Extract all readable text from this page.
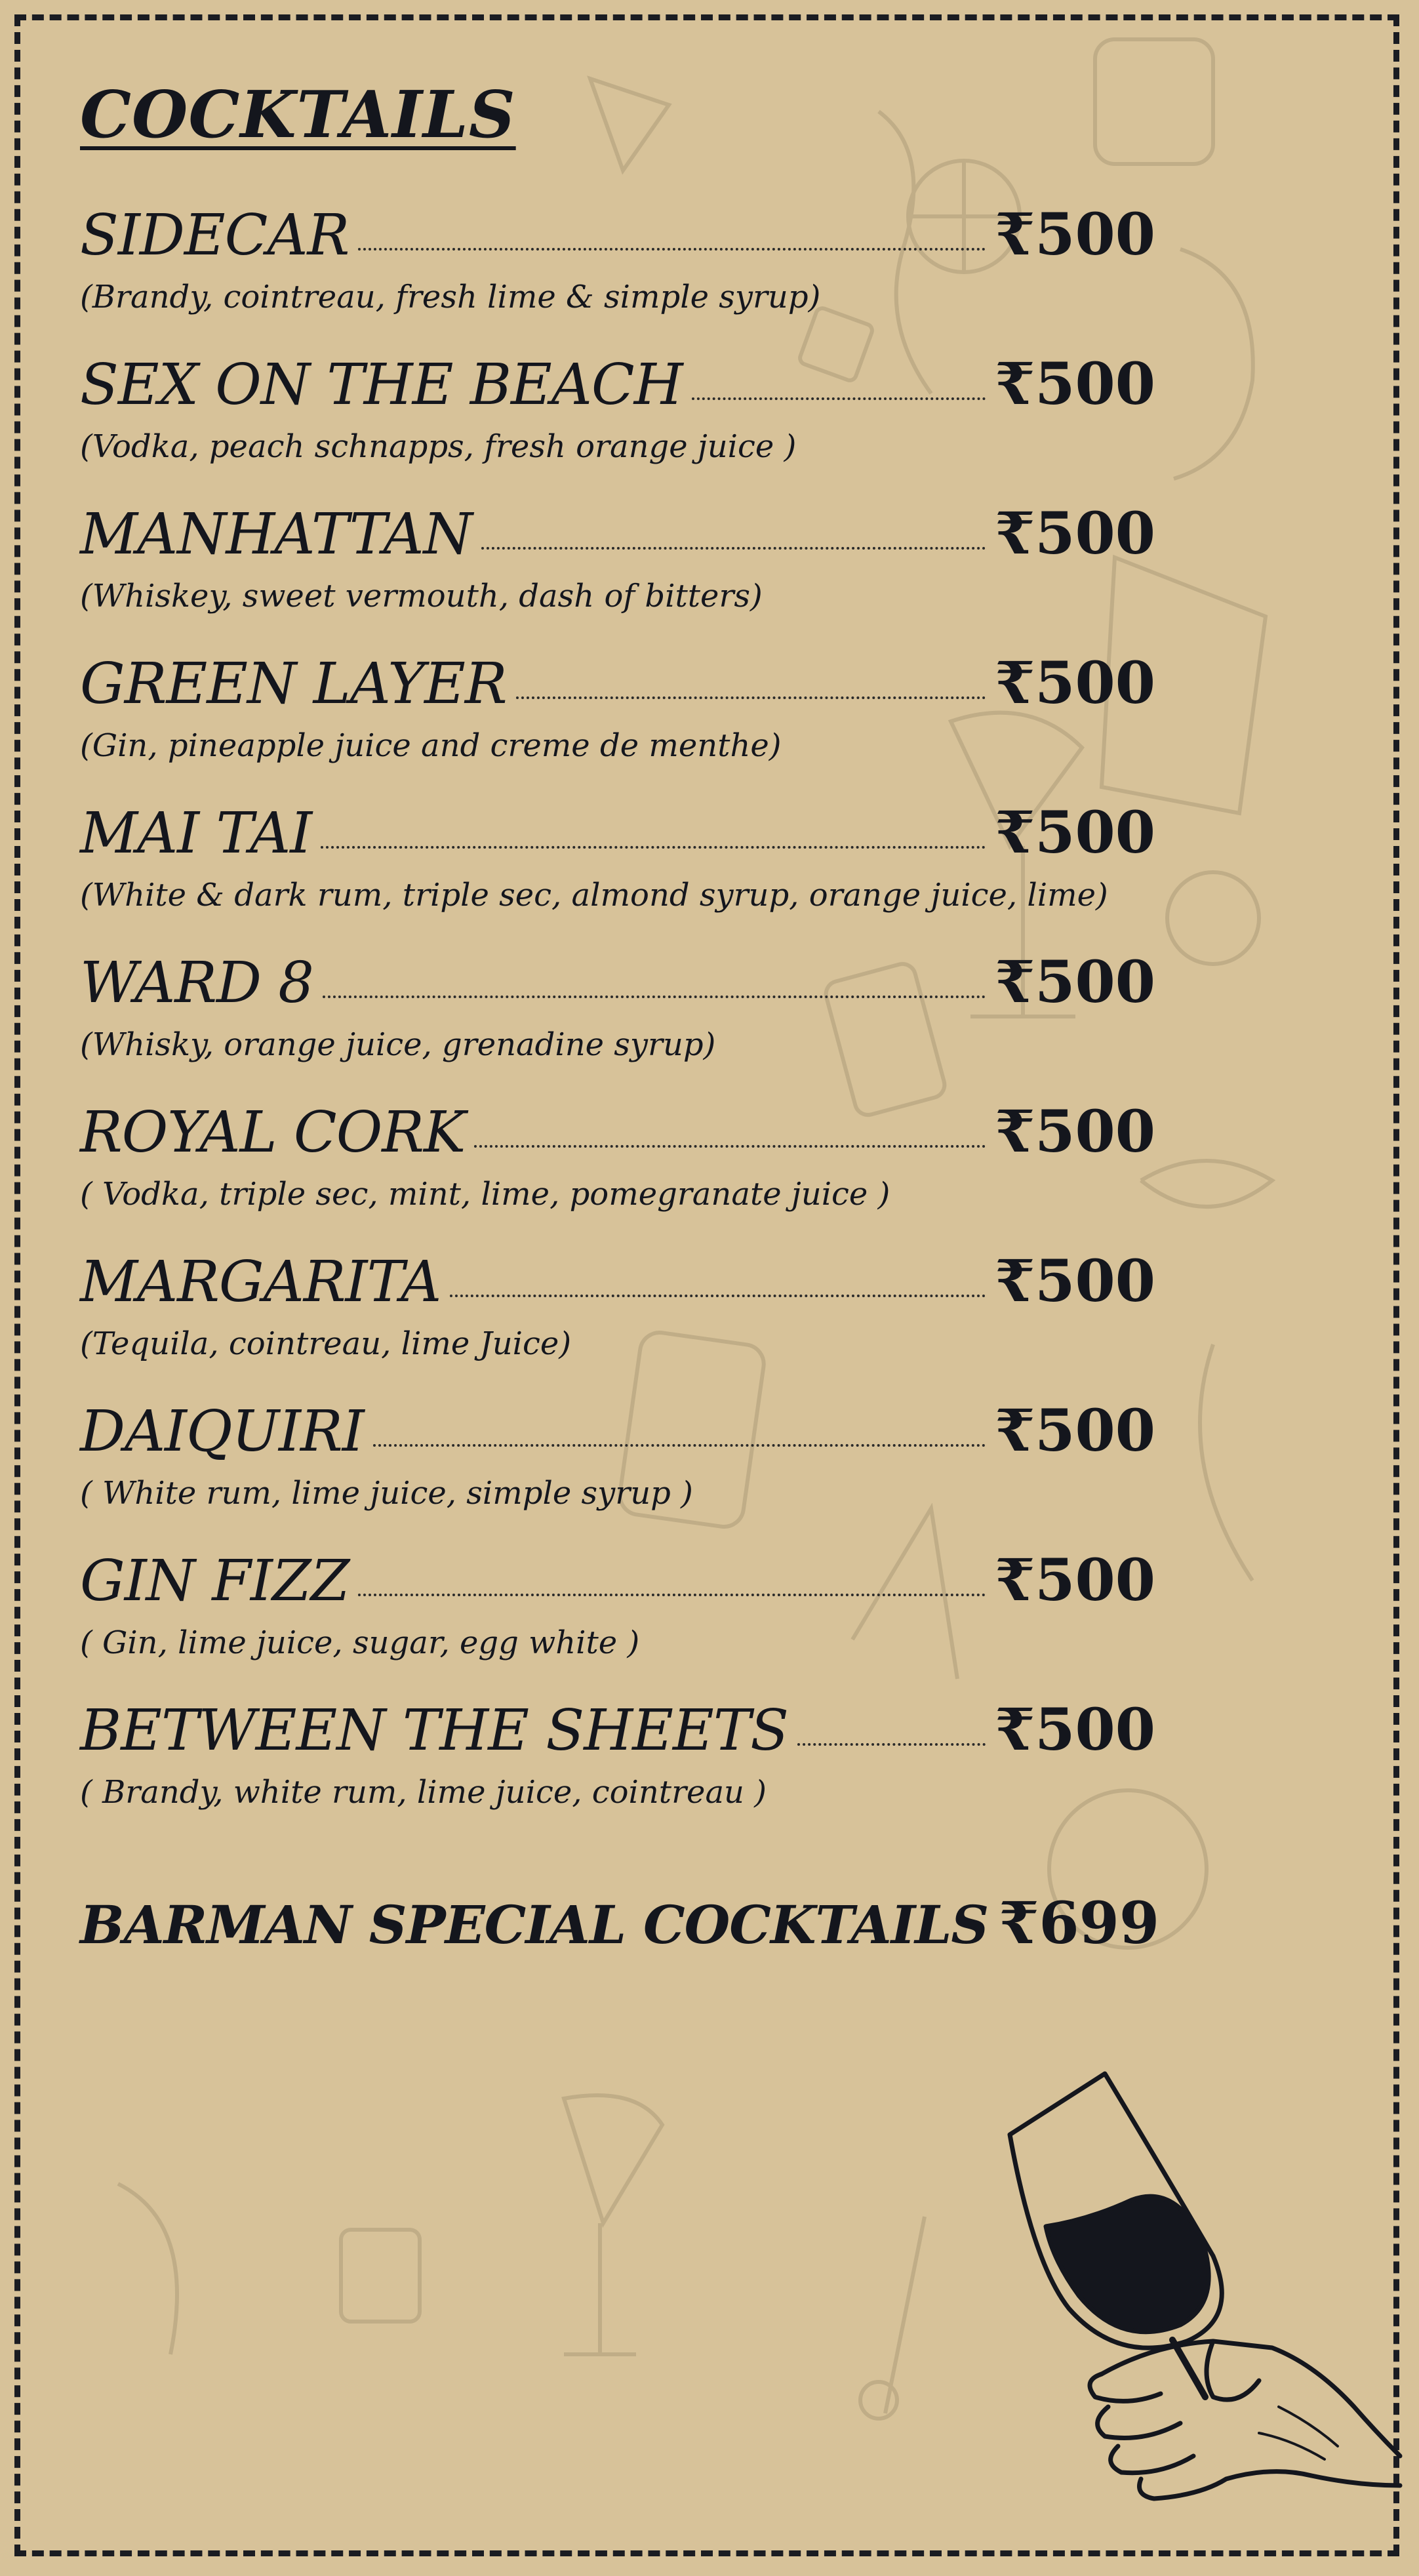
COCKTAILS
SIDECAR	₹500
(Brandy, cointreau, fresh lime & simple syrup)
SEX ON THE BEACH	₹500
(Vodka, peach schnapps, fresh orange juice )
MANHATTAN	₹500
(Whiskey, sweet vermouth, dash of bitters)
GREEN LAYER	₹500
(Gin, pineapple juice and creme de menthe)
MAI TAI	₹500
(White & dark rum, triple sec, almond syrup, orange juice, lime)
WARD 8	₹500
(Whisky, orange juice, grenadine syrup)
ROYAL CORK	₹500
( Vodka, triple sec, mint, lime, pomegranate juice )
MARGARITA	₹500
(Tequila, cointreau, lime Juice)
DAIQUIRI	₹500
( White rum, lime juice, simple syrup )
GIN FIZZ	₹500
( Gin, lime juice, sugar, egg white )
BETWEEN THE SHEETS	₹500
( Brandy, white rum, lime juice, cointreau )
BARMAN SPECIAL COCKTAILS ₹699
